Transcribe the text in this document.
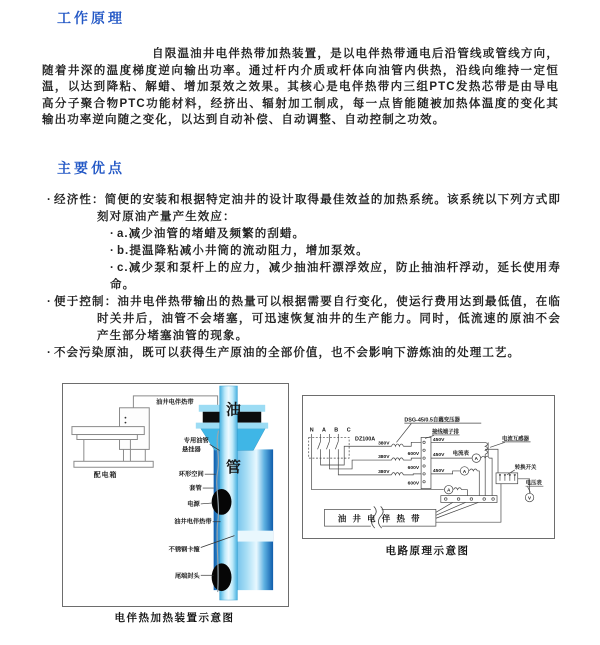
工作原理
自限温油井电伴热带加热装置，是以电伴热带通电后沿管线或管线方向，随着井深的温度梯度逆向输出功率。通过杆内介质或杆体向油管内供热，沿线向维持一定恒温，以达到降粘、解蜡、增加泵效之效果。其核心是电伴热带内三组PTC发热芯带是由导电高分子聚合物PTC功能材料，经挤出、辐射加工制成，每一点皆能随被加热体温度的变化其输出功率逆向随之变化，以达到自动补偿、自动调整、自动控制之功效。
主要优点
· 经济性：简便的安装和根据特定油井的设计取得最佳效益的加热系统。该系统以下列方式即刻对原油产量产生效应：
· a.减少油管的堵蜡及频繁的刮蜡。
· b.提温降粘减小井筒的流动阻力，增加泵效。
· c.减少泵和泵杆上的应力，减少抽油杆漂浮效应，防止抽油杆浮动，延长使用寿命。
· 便于控制：油井电伴热带输出的热量可以根据需要自行变化，使运行费用达到最低值，在临时关井后，油管不会堵塞，可迅速恢复油井的生产能力。同时，低流速的原油不会产生部分堵塞油管的现象。
· 不会污染原油，既可以获得生产原油的全部价值，也不会影响下游炼油的处理工艺。
配电箱
油
管
油井电伴热带
专用油管
悬挂器
环形空间
套管
电源
油井电伴热带
不锈钢卡箍
尾端封头
电伴热加热装置示意图
N A B C
DZ100A
DSG-45/0.5自藕变压器
接线端子排
380V
380V
380V
600V
600V
600V
450V
450V
450V
电流表
电流互感器
转换开关
电压表
A
A
A
V
油 井 电 伴 热 带
电路原理示意图
